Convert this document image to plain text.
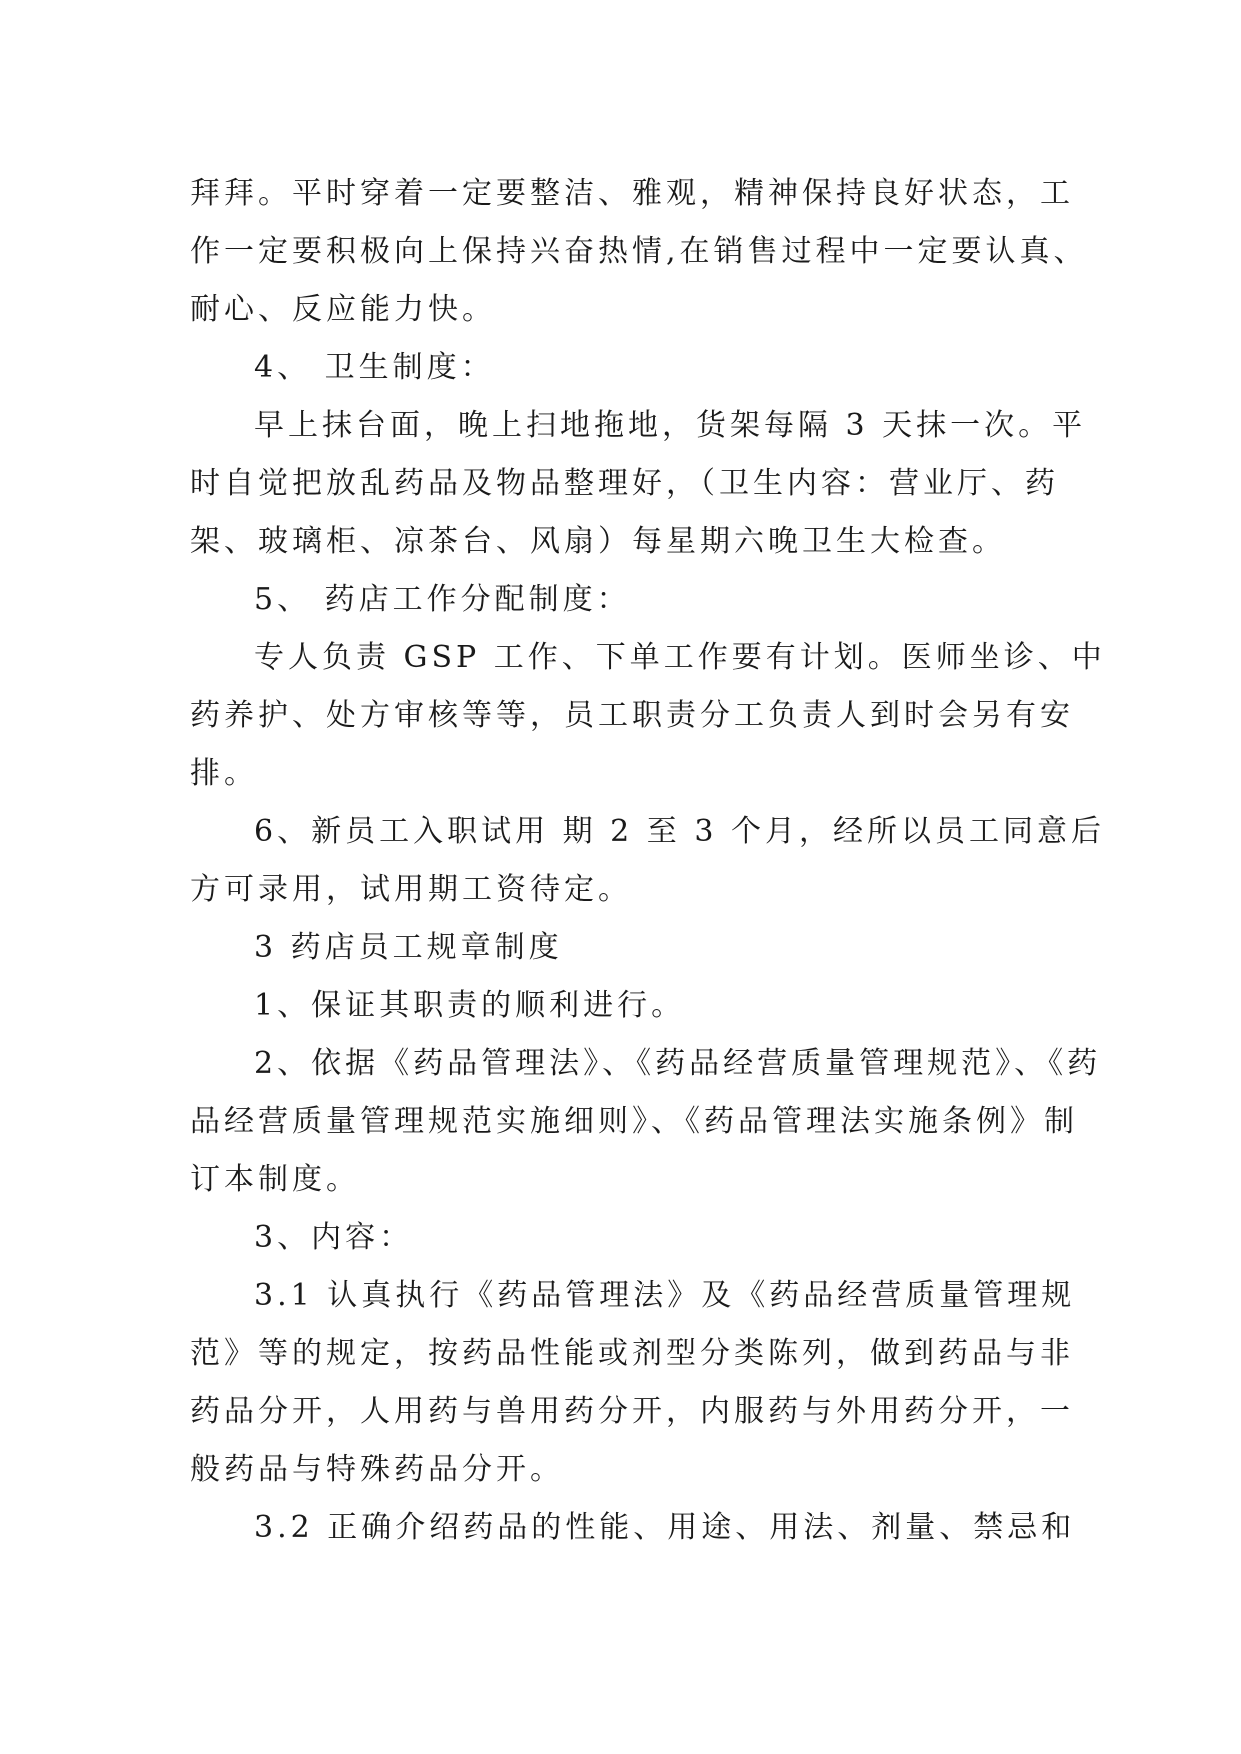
拜拜。平时穿着一定要整洁、雅观，精神保持良好状态，工
作一定要积极向上保持兴奋热情,在销售过程中一定要认真、
耐心、反应能力快。
4、 卫生制度：
早上抹台面，晚上扫地拖地，货架每隔 3 天抹一次。平
时自觉把放乱药品及物品整理好，（卫生内容：营业厅、药
架、玻璃柜、凉茶台、风扇）每星期六晚卫生大检查。
5、 药店工作分配制度：
专人负责 GSP 工作、下单工作要有计划。医师坐诊、中
药养护、处方审核等等，员工职责分工负责人到时会另有安
排。
6、新员工入职试用 期 2 至 3 个月，经所以员工同意后
方可录用，试用期工资待定。
3 药店员工规章制度
1、保证其职责的顺利进行。
2、依据《药品管理法》、《药品经营质量管理规范》、《药
品经营质量管理规范实施细则》、《药品管理法实施条例》制
订本制度。
3、内容：
3.1 认真执行《药品管理法》及《药品经营质量管理规
范》等的规定，按药品性能或剂型分类陈列，做到药品与非
药品分开，人用药与兽用药分开，内服药与外用药分开，一
般药品与特殊药品分开。
3.2 正确介绍药品的性能、用途、用法、剂量、禁忌和
